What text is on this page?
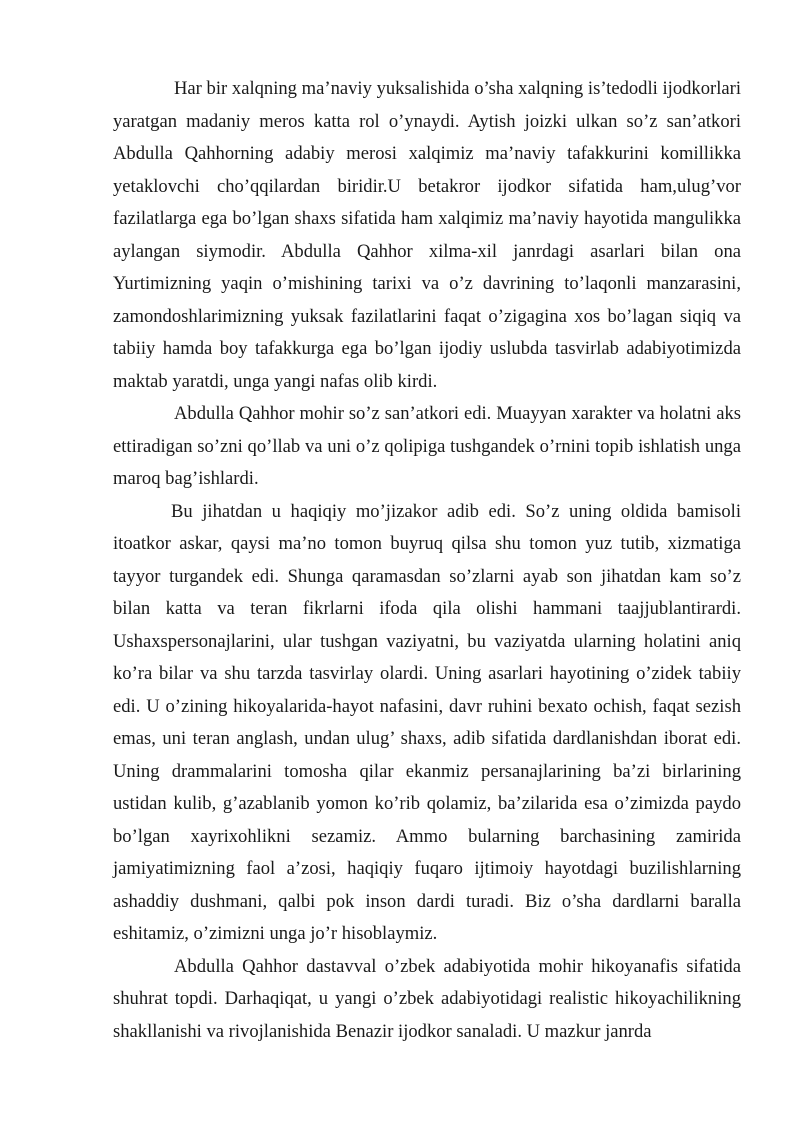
Har bir xalqning ma’naviy yuksalishida o’sha xalqning is’tedodli ijodkorlari yaratgan madaniy meros katta rol o’ynaydi. Aytish joizki ulkan so’z san’atkori Abdulla Qahhorning adabiy merosi xalqimiz ma’naviy tafakkurini komillikka yetaklovchi cho’qqilardan biridir.U betakror ijodkor sifatida ham,ulug’vor fazilatlarga ega bo’lgan shaxs sifatida ham xalqimiz ma’naviy hayotida mangulikka aylangan siymodir. Abdulla Qahhor xilma-xil janrdagi asarlari bilan ona Yurtimizning yaqin o’mishining tarixi va o’z davrining to’laqonli manzarasini, zamondoshlarimizning yuksak fazilatlarini faqat o’zigagina xos bo’lagan siqiq va tabiiy hamda boy tafakkurga ega bo’lgan ijodiy uslubda tasvirlab adabiyotimizda maktab yaratdi, unga yangi nafas olib kirdi.

Abdulla Qahhor mohir so’z san’atkori edi. Muayyan xarakter va holatni aks ettiradigan so’zni qo’llab va uni o’z qolipiga tushgandek o’rnini topib ishlatish unga maroq bag’ishlardi.

Bu jihatdan u haqiqiy mo’jizakor adib edi. So’z uning oldida bamisoli itoatkor askar, qaysi ma’no tomon buyruq qilsa shu tomon yuz tutib, xizmatiga tayyor turgandek edi. Shunga qaramasdan so’zlarni ayab son jihatdan kam so’z bilan katta va teran fikrlarni ifoda qila olishi hammani taajjublantirardi. Ushaxspersonajlarini, ular tushgan vaziyatni, bu vaziyatda ularning holatini aniq ko’ra bilar va shu tarzda tasvirlay olardi. Uning asarlari hayotining o’zidek tabiiy edi. U o’zining hikoyalarida-hayot nafasini, davr ruhini bexato ochish, faqat sezish emas, uni teran anglash, undan ulug’ shaxs, adib sifatida dardlanishdan iborat edi. Uning drammalarini tomosha qilar ekanmiz persanajlarining ba’zi birlarining ustidan kulib, g’azablanib yomon ko’rib qolamiz, ba’zilarida esa o’zimizda paydo bo’lgan xayrixohlikni sezamiz. Ammo bularning barchasining zamirida jamiyatimizning faol a’zosi, haqiqiy fuqaro ijtimoiy hayotdagi buzilishlarning ashaddiy dushmani, qalbi pok inson dardi turadi. Biz o’sha dardlarni baralla eshitamiz, o’zimizni unga jo’r hisoblaymiz.

Abdulla Qahhor dastavval o’zbek adabiyotida mohir hikoyanafis sifatida shuhrat topdi. Darhaqiqat, u yangi o’zbek adabiyotidagi realistic hikoyachilikning shakllanishi va rivojlanishida Benazir ijodkor sanaladi. U mazkur janrda
